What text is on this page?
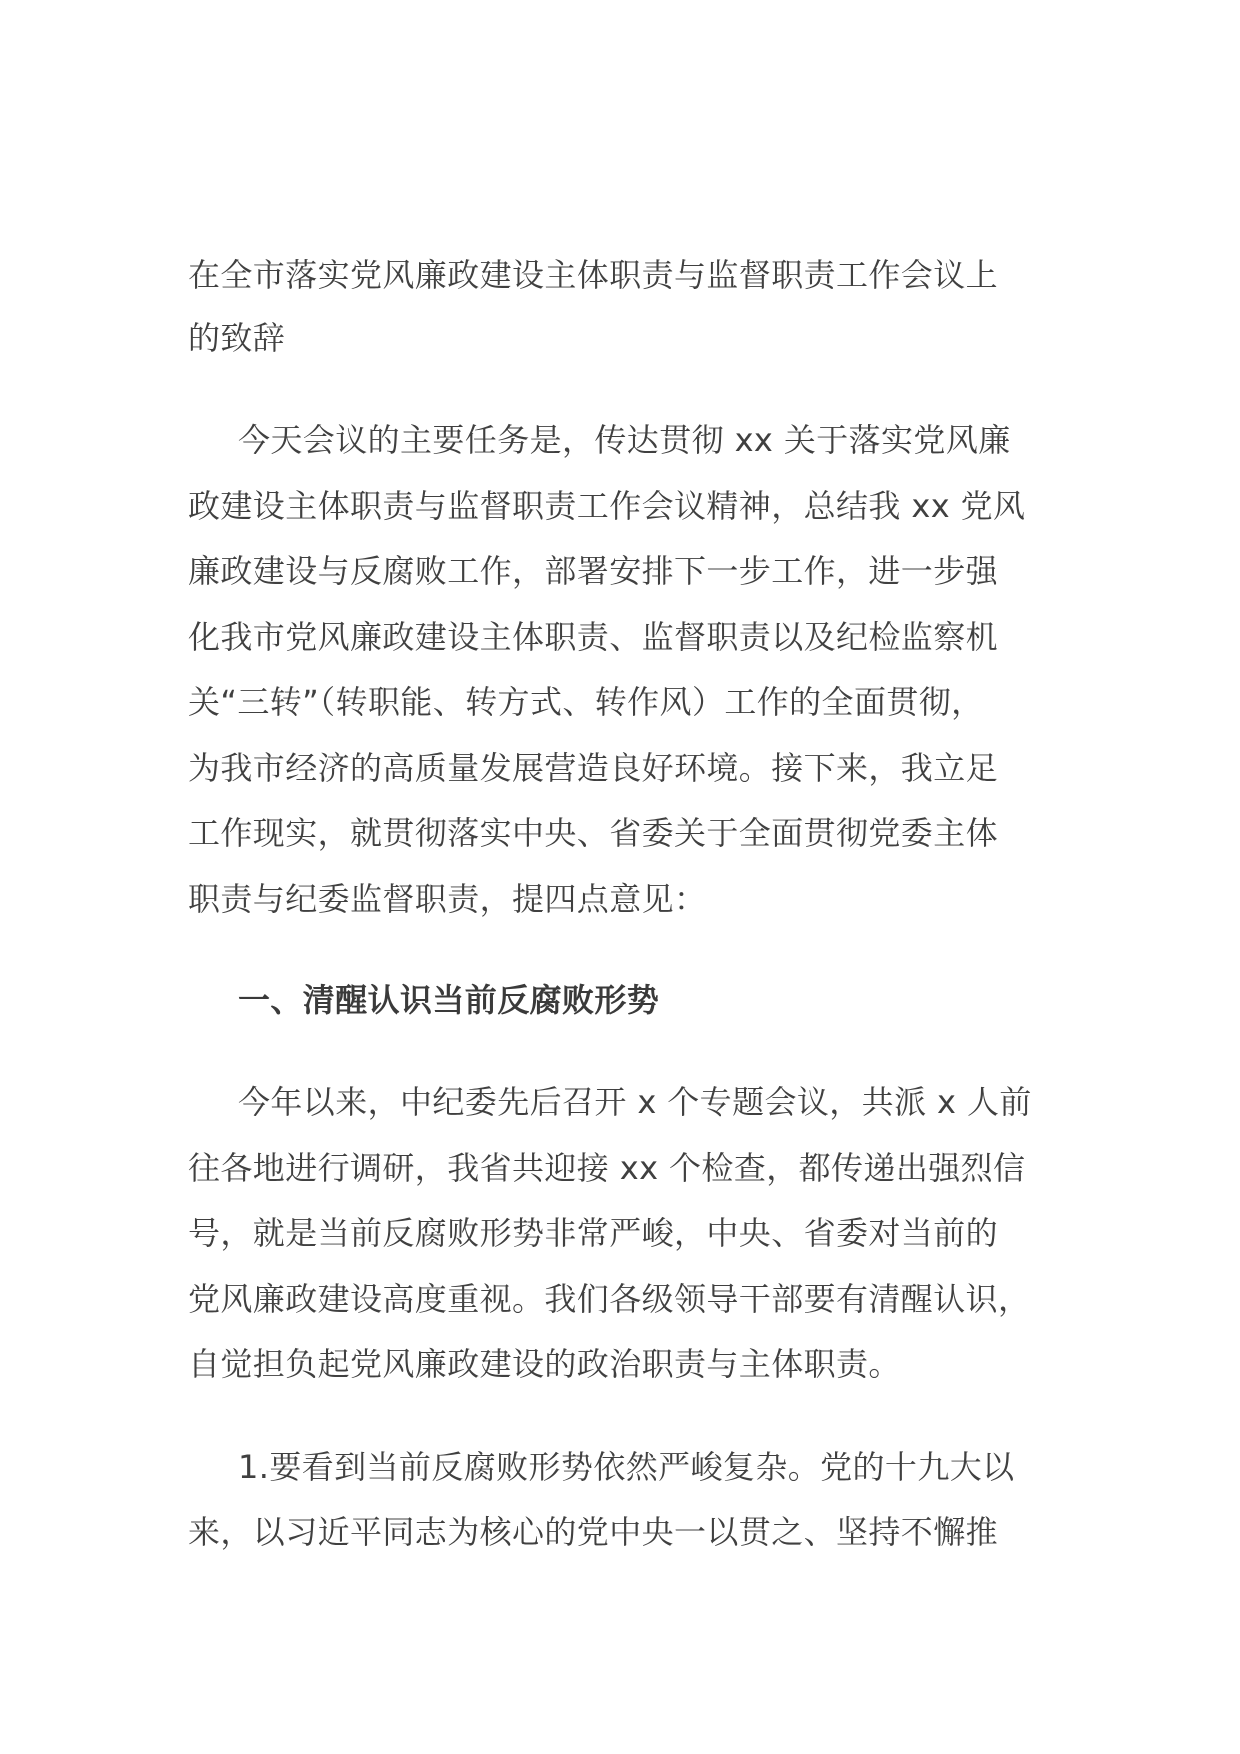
在全市落实党风廉政建设主体职责与监督职责工作会议上
的致辞
今天会议的主要任务是，传达贯彻 xx 关于落实党风廉
政建设主体职责与监督职责工作会议精神，总结我 xx 党风
廉政建设与反腐败工作，部署安排下一步工作，进一步强
化我市党风廉政建设主体职责、监督职责以及纪检监察机
关“三转”（转职能、转方式、转作风）工作的全面贯彻，
为我市经济的高质量发展营造良好环境。接下来，我立足
工作现实，就贯彻落实中央、省委关于全面贯彻党委主体
职责与纪委监督职责，提四点意见：
一、清醒认识当前反腐败形势
今年以来，中纪委先后召开 x 个专题会议，共派 x 人前
往各地进行调研，我省共迎接 xx 个检查，都传递出强烈信
号，就是当前反腐败形势非常严峻，中央、省委对当前的
党风廉政建设高度重视。我们各级领导干部要有清醒认识，
自觉担负起党风廉政建设的政治职责与主体职责。
1.要看到当前反腐败形势依然严峻复杂。党的十九大以
来，以习近平同志为核心的党中央一以贯之、坚持不懈推
